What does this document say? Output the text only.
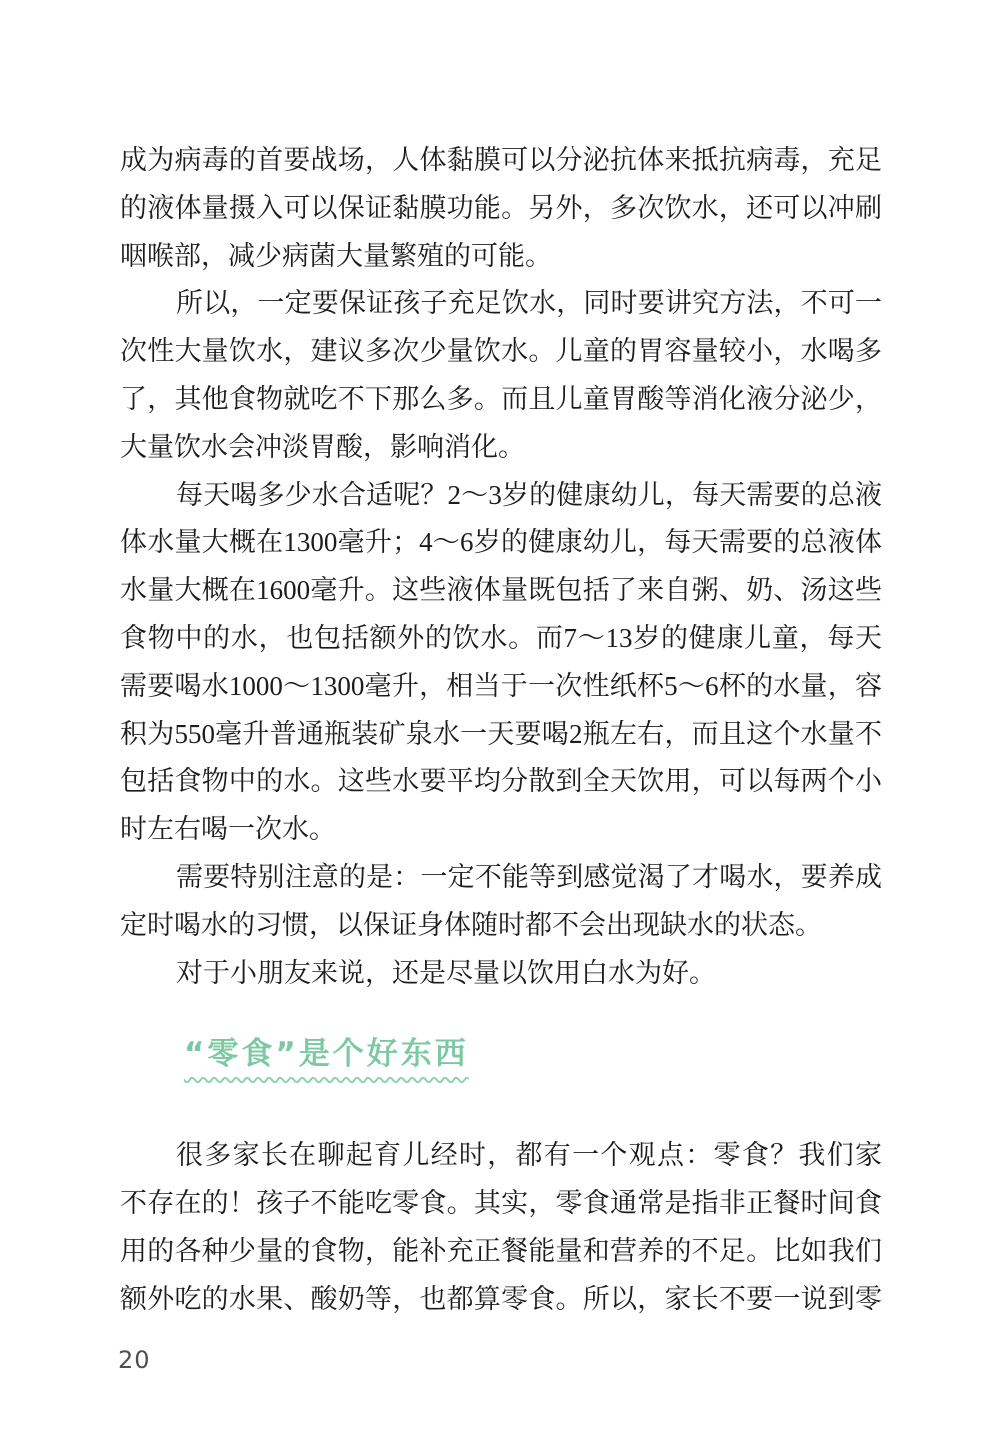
成为病毒的首要战场，人体黏膜可以分泌抗体来抵抗病毒，充足
的液体量摄入可以保证黏膜功能。另外，多次饮水，还可以冲刷
咽喉部，减少病菌大量繁殖的可能。

所以，一定要保证孩子充足饮水，同时要讲究方法，不可一
次性大量饮水，建议多次少量饮水。儿童的胃容量较小，水喝多
了，其他食物就吃不下那么多。而且儿童胃酸等消化液分泌少，
大量饮水会冲淡胃酸，影响消化。

每天喝多少水合适呢？2～3岁的健康幼儿，每天需要的总液
体水量大概在1300毫升；4～6岁的健康幼儿，每天需要的总液体
水量大概在1600毫升。这些液体量既包括了来自粥、奶、汤这些
食物中的水，也包括额外的饮水。而7～13岁的健康儿童，每天
需要喝水1000～1300毫升，相当于一次性纸杯5～6杯的水量，容
积为550毫升普通瓶装矿泉水一天要喝2瓶左右，而且这个水量不
包括食物中的水。这些水要平均分散到全天饮用，可以每两个小
时左右喝一次水。

需要特别注意的是：一定不能等到感觉渴了才喝水，要养成
定时喝水的习惯，以保证身体随时都不会出现缺水的状态。

对于小朋友来说，还是尽量以饮用白水为好。

“零食”是个好东西

很多家长在聊起育儿经时，都有一个观点：零食？我们家
不存在的！孩子不能吃零食。其实，零食通常是指非正餐时间食
用的各种少量的食物，能补充正餐能量和营养的不足。比如我们
额外吃的水果、酸奶等，也都算零食。所以，家长不要一说到零

20
